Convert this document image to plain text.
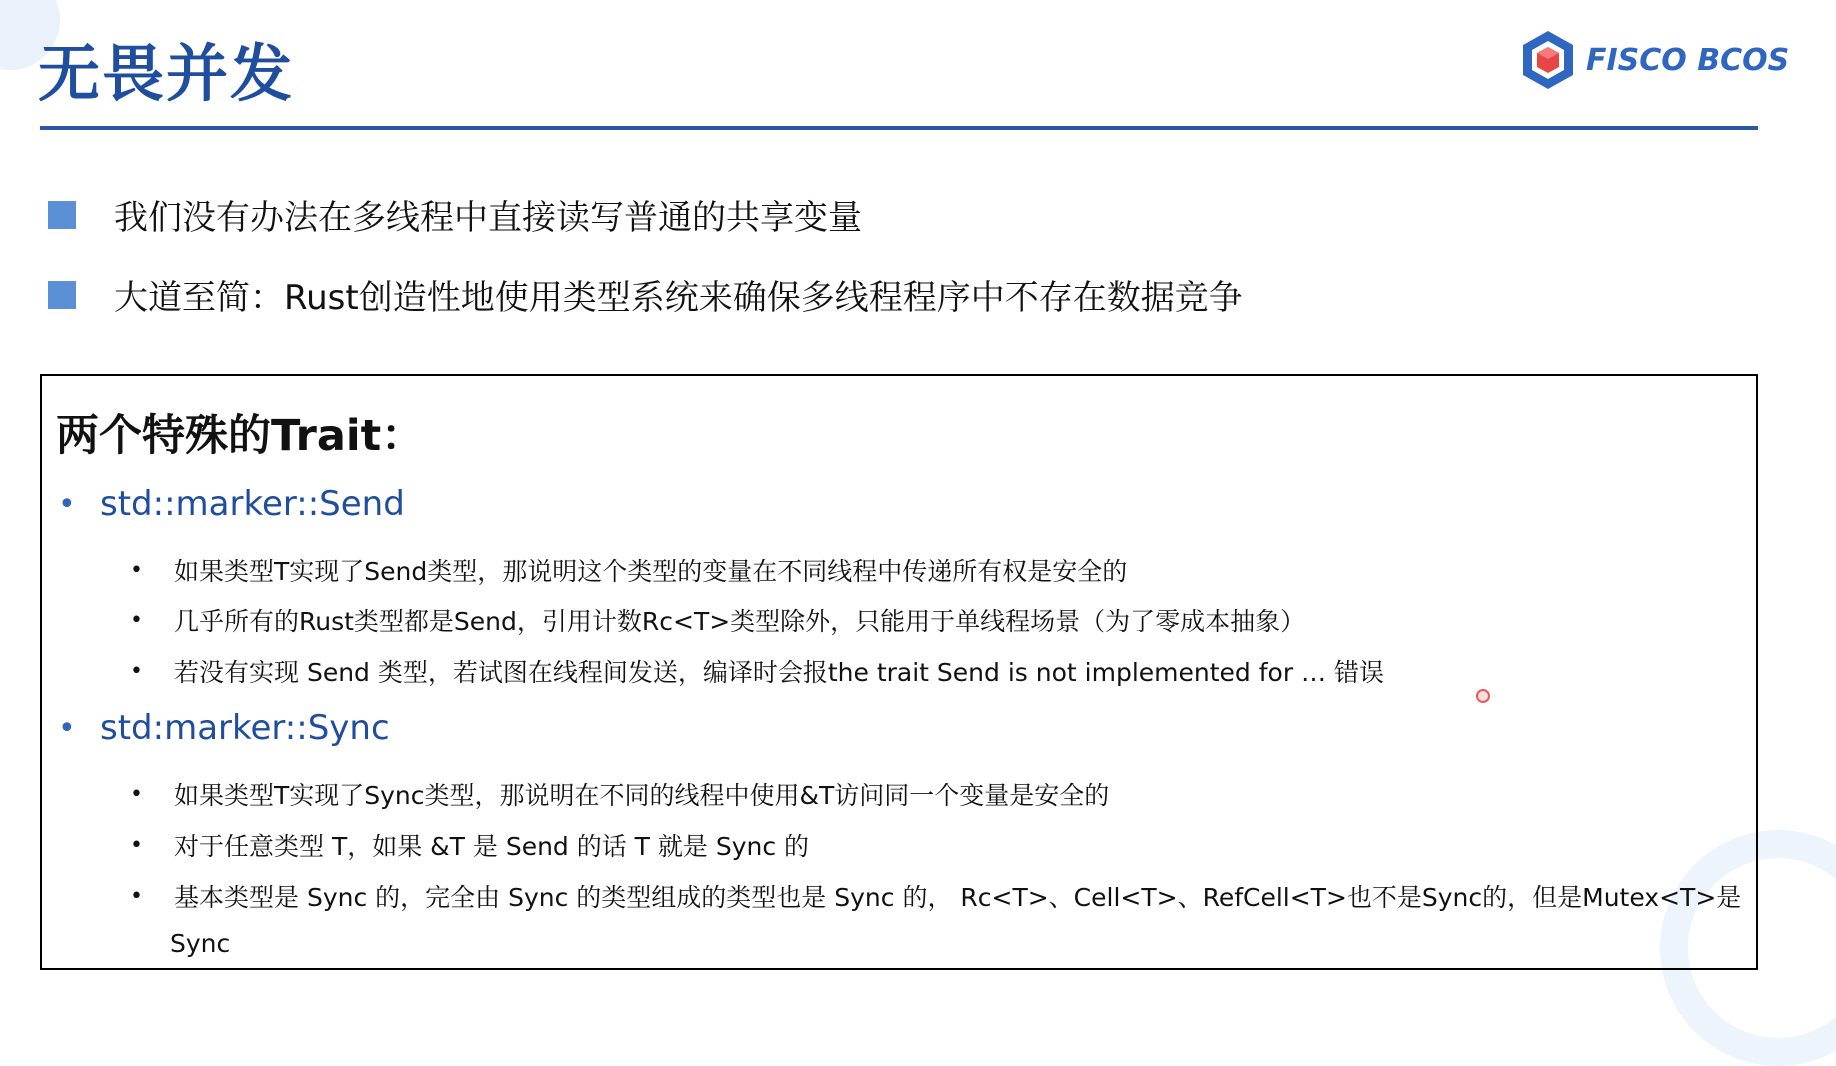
无畏并发	FISCO BCOS
我们没有办法在多线程中直接读写普通的共享变量
大道至简：Rust创造性地使用类型系统来确保多线程程序中不存在数据竞争
两个特殊的Trait：
• std::marker::Send
•	如果类型T实现了Send类型，那说明这个类型的变量在不同线程中传递所有权是安全的
•	几乎所有的Rust类型都是Send，引用计数Rc<T>类型除外，只能用于单线程场景（为了零成本抽象）
•	若没有实现 Send 类型，若试图在线程间发送，编译时会报the trait Send is not implemented for … 错误
• std:marker::Sync
•	如果类型T实现了Sync类型，那说明在不同的线程中使用&T访问同一个变量是安全的
•	对于任意类型 T，如果 &T 是 Send 的话 T 就是 Sync 的
•	基本类型是 Sync 的，完全由 Sync 的类型组成的类型也是 Sync 的， Rc<T>、Cell<T>、RefCell<T>也不是Sync的，但是Mutex<T>是
Sync
